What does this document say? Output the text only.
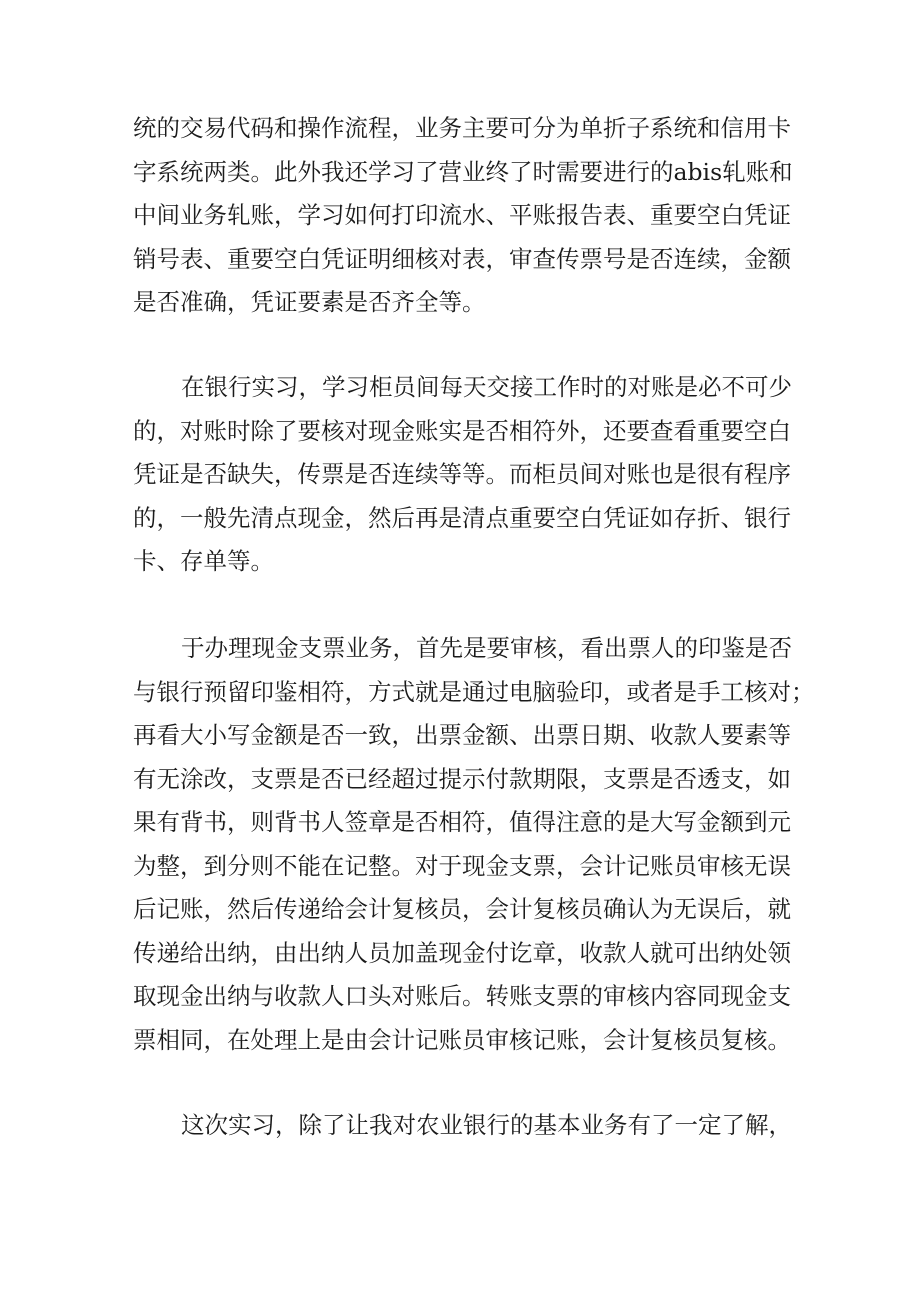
统的交易代码和操作流程，业务主要可分为单折子系统和信用卡
字系统两类。此外我还学习了营业终了时需要进行的abis轧账和
中间业务轧账，学习如何打印流水、平账报告表、重要空白凭证
销号表、重要空白凭证明细核对表，审查传票号是否连续，金额
是否准确，凭证要素是否齐全等。
在银行实习，学习柜员间每天交接工作时的对账是必不可少
的，对账时除了要核对现金账实是否相符外，还要查看重要空白
凭证是否缺失，传票是否连续等等。而柜员间对账也是很有程序
的，一般先清点现金，然后再是清点重要空白凭证如存折、银行
卡、存单等。
于办理现金支票业务，首先是要审核，看出票人的印鉴是否
与银行预留印鉴相符，方式就是通过电脑验印，或者是手工核对；
再看大小写金额是否一致，出票金额、出票日期、收款人要素等
有无涂改，支票是否已经超过提示付款期限，支票是否透支，如
果有背书，则背书人签章是否相符，值得注意的是大写金额到元
为整，到分则不能在记整。对于现金支票，会计记账员审核无误
后记账，然后传递给会计复核员，会计复核员确认为无误后，就
传递给出纳，由出纳人员加盖现金付讫章，收款人就可出纳处领
取现金出纳与收款人口头对账后。转账支票的审核内容同现金支
票相同，在处理上是由会计记账员审核记账，会计复核员复核。
这次实习，除了让我对农业银行的基本业务有了一定了解，
